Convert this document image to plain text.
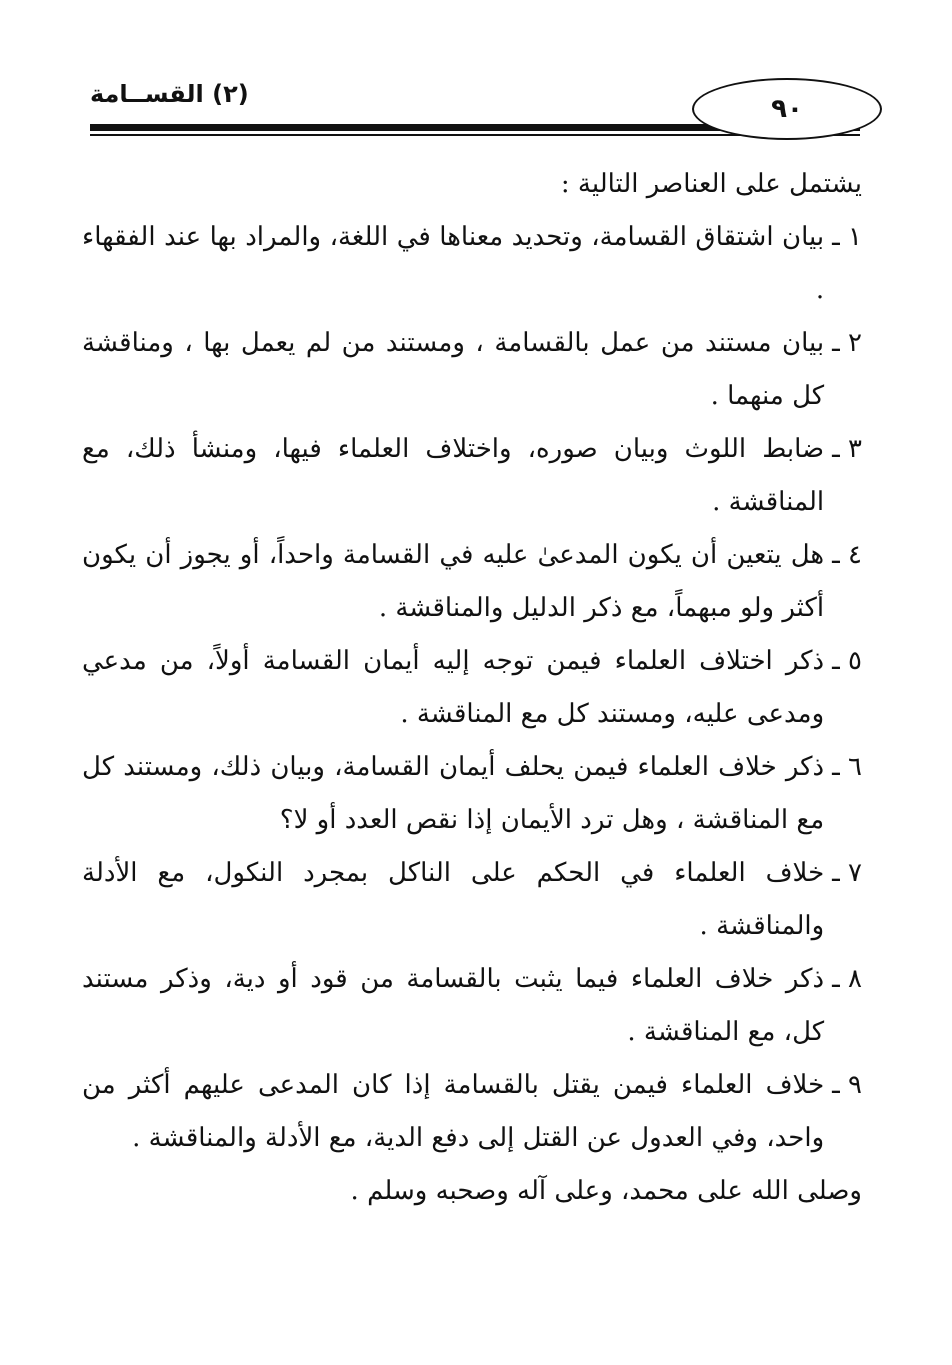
٩٠
(٢) القســامة

يشتمل على العناصر التالية :

١ ـ
بيان اشتقاق القسامة، وتحديد معناها في اللغة، والمراد بها عند الفقهاء .
٢ ـ
بيان مستند من عمل بالقسامة ، ومستند من لم يعمل بها ، ومناقشة كل منهما .
٣ ـ
ضابط اللوث وبيان صوره، واختلاف العلماء فيها، ومنشأ ذلك، مع المناقشة .
٤ ـ
هل يتعين أن يكون المدعىٰ عليه في القسامة واحداً، أو يجوز أن يكون أكثر ولو مبهماً، مع ذكر الدليل والمناقشة .
٥ ـ
ذكر اختلاف العلماء فيمن توجه إليه أيمان القسامة أولاً، من مدعي ومدعى عليه، ومستند كل مع المناقشة .
٦ ـ
ذكر خلاف العلماء فيمن يحلف أيمان القسامة، وبيان ذلك، ومستند كل مع المناقشة ، وهل ترد الأيمان إذا نقص العدد أو لا؟
٧ ـ
خلاف العلماء في الحكم على الناكل بمجرد النكول، مع الأدلة والمناقشة .
٨ ـ
ذكر خلاف العلماء فيما يثبت بالقسامة من قود أو دية، وذكر مستند كل، مع المناقشة .
٩ ـ
خلاف العلماء فيمن يقتل بالقسامة إذا كان المدعى عليهم أكثر من واحد، وفي العدول عن القتل إلى دفع الدية، مع الأدلة والمناقشة .

وصلى الله على محمد، وعلى آله وصحبه وسلم .
